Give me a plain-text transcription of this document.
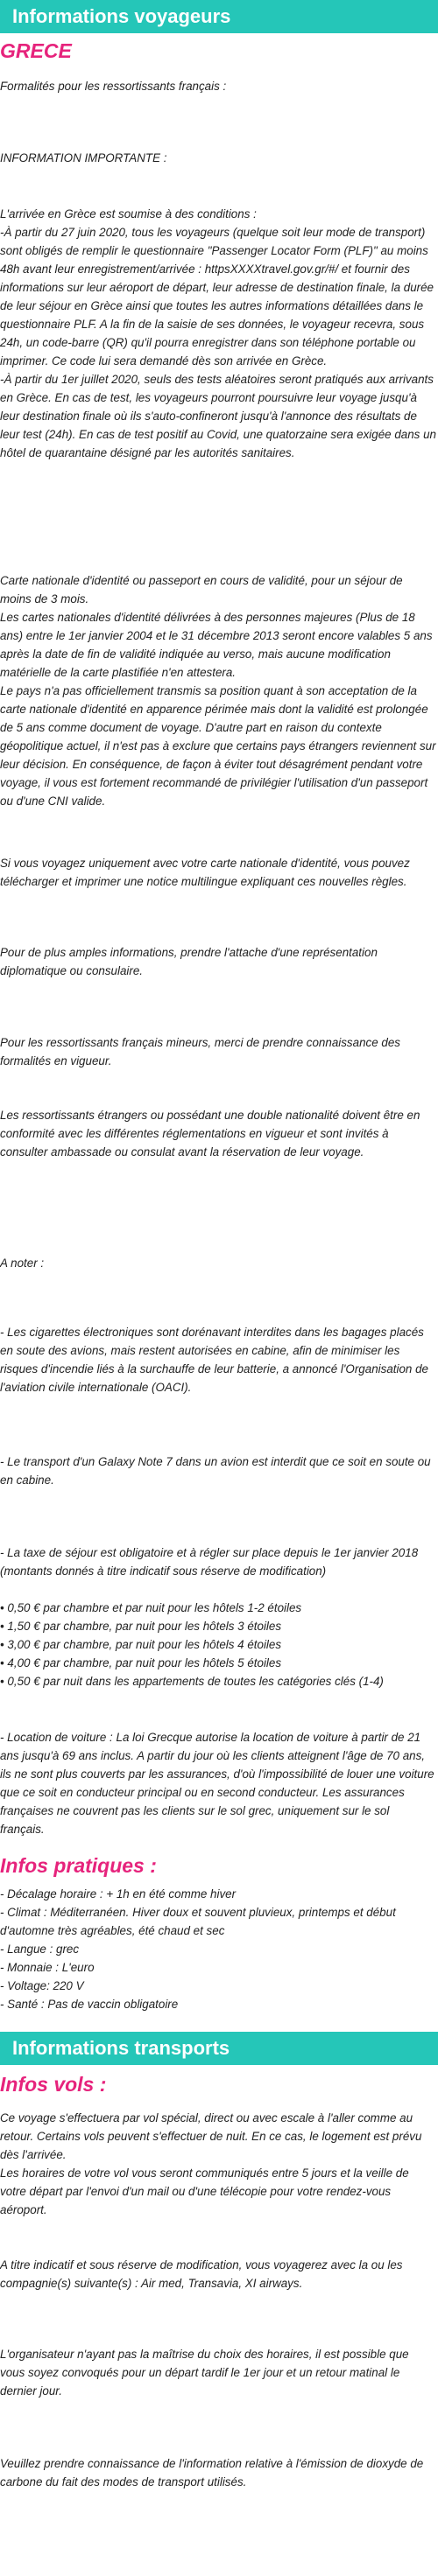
Informations voyageurs
GRECE
Formalités pour les ressortissants français :
INFORMATION IMPORTANTE :

L'arrivée en Grèce est soumise à des conditions :

-À partir du 27 juin 2020, tous les voyageurs (quelque soit leur mode de transport) sont obligés de remplir le questionnaire "Passenger Locator Form (PLF)" au moins 48h avant leur enregistrement/arrivée : httpsXXXXtravel.gov.gr/#/ et fournir des informations sur leur aéroport de départ, leur adresse de destination finale, la durée de leur séjour en Grèce ainsi que toutes les autres informations détaillées dans le questionnaire PLF. A la fin de la saisie de ses données, le voyageur recevra, sous 24h, un code-barre (QR) qu'il pourra enregistrer dans son téléphone portable ou imprimer. Ce code lui sera demandé dès son arrivée en Grèce.

-À partir du 1er juillet 2020, seuls des tests aléatoires seront pratiqués aux arrivants en Grèce. En cas de test, les voyageurs pourront poursuivre leur voyage jusqu'à leur destination finale où ils s'auto-confineront jusqu'à l'annonce des résultats de leur test (24h). En cas de test positif au Covid, une quatorzaine sera exigée dans un hôtel de quarantaine désigné par les autorités sanitaires.

Carte nationale d'identité ou passeport en cours de validité, pour un séjour de moins de 3 mois.

Les cartes nationales d'identité délivrées à des personnes majeures (Plus de 18 ans) entre le 1er janvier 2004 et le 31 décembre 2013 seront encore valables 5 ans après la date de fin de validité indiquée au verso, mais aucune modification matérielle de la carte plastifiée n'en attestera.

Le pays n'a pas officiellement transmis sa position quant à son acceptation de la carte nationale d'identité en apparence périmée mais dont la validité est prolongée de 5 ans comme document de voyage. D'autre part en raison du contexte géopolitique actuel, il n'est pas à exclure que certains pays étrangers reviennent sur leur décision. En conséquence, de façon à éviter tout désagrément pendant votre voyage, il vous est fortement recommandé de privilégier l'utilisation d'un passeport ou d'une CNI valide.

Si vous voyagez uniquement avec votre carte nationale d'identité, vous pouvez télécharger et imprimer une notice multilingue expliquant ces nouvelles règles.
Pour de plus amples informations, prendre l'attache d'une représentation diplomatique ou consulaire.
Pour les ressortissants français mineurs, merci de prendre connaissance des formalités en vigueur.
Les ressortissants étrangers ou possédant une double nationalité doivent être en conformité avec les différentes réglementations en vigueur et sont invités à consulter ambassade ou consulat avant la réservation de leur voyage.
A noter :
- Les cigarettes électroniques sont dorénavant interdites dans les bagages placés en soute des avions, mais restent autorisées en cabine, afin de minimiser les risques d'incendie liés à la surchauffe de leur batterie, a annoncé l'Organisation de l'aviation civile internationale (OACI).
- Le transport d'un Galaxy Note 7 dans un avion est interdit que ce soit en soute ou en cabine.
- La taxe de séjour est obligatoire et à régler sur place depuis le 1er janvier 2018 (montants donnés à titre indicatif sous réserve de modification)

• 0,50 € par chambre et par nuit pour les hôtels 1-2 étoiles

• 1,50 € par chambre, par nuit pour les hôtels 3 étoiles

• 3,00 € par chambre, par nuit pour les hôtels 4 étoiles

• 4,00 € par chambre, par nuit pour les hôtels 5 étoiles

• 0,50 € par nuit dans les appartements de toutes les catégories clés (1-4)

- Location de voiture : La loi Grecque autorise la location de voiture à partir de 21 ans jusqu'à 69 ans inclus. A partir du jour où les clients atteignent l'âge de 70 ans, ils ne sont plus couverts par les assurances, d'où l'impossibilité de louer une voiture que ce soit en conducteur principal ou en second conducteur. Les assurances françaises ne couvrent pas les clients sur le sol grec, uniquement sur le sol français.
Infos pratiques :

- Décalage horaire : + 1h en été comme hiver

- Climat : Méditerranéen. Hiver doux et souvent pluvieux, printemps et début d'automne très agréables, été chaud et sec

- Langue : grec

- Monnaie : L'euro

- Voltage: 220 V

- Santé : Pas de vaccin obligatoire

Informations transports
Infos vols :

Ce voyage s'effectuera par vol spécial, direct ou avec escale à l'aller comme au retour. Certains vols peuvent s'effectuer de nuit. En ce cas, le logement est prévu dès l'arrivée.

Les horaires de votre vol vous seront communiqués entre 5 jours et la veille de votre départ par l'envoi d'un mail ou d'une télécopie pour votre rendez-vous aéroport.

A titre indicatif et sous réserve de modification, vous voyagerez avec la ou les compagnie(s) suivante(s) : Air med, Transavia, XI airways.
L'organisateur n'ayant pas la maîtrise du choix des horaires, il est possible que vous soyez convoqués pour un départ tardif le 1er jour et un retour matinal le dernier jour.
Veuillez prendre connaissance de l'information relative à l'émission de dioxyde de carbone du fait des modes de transport utilisés.
